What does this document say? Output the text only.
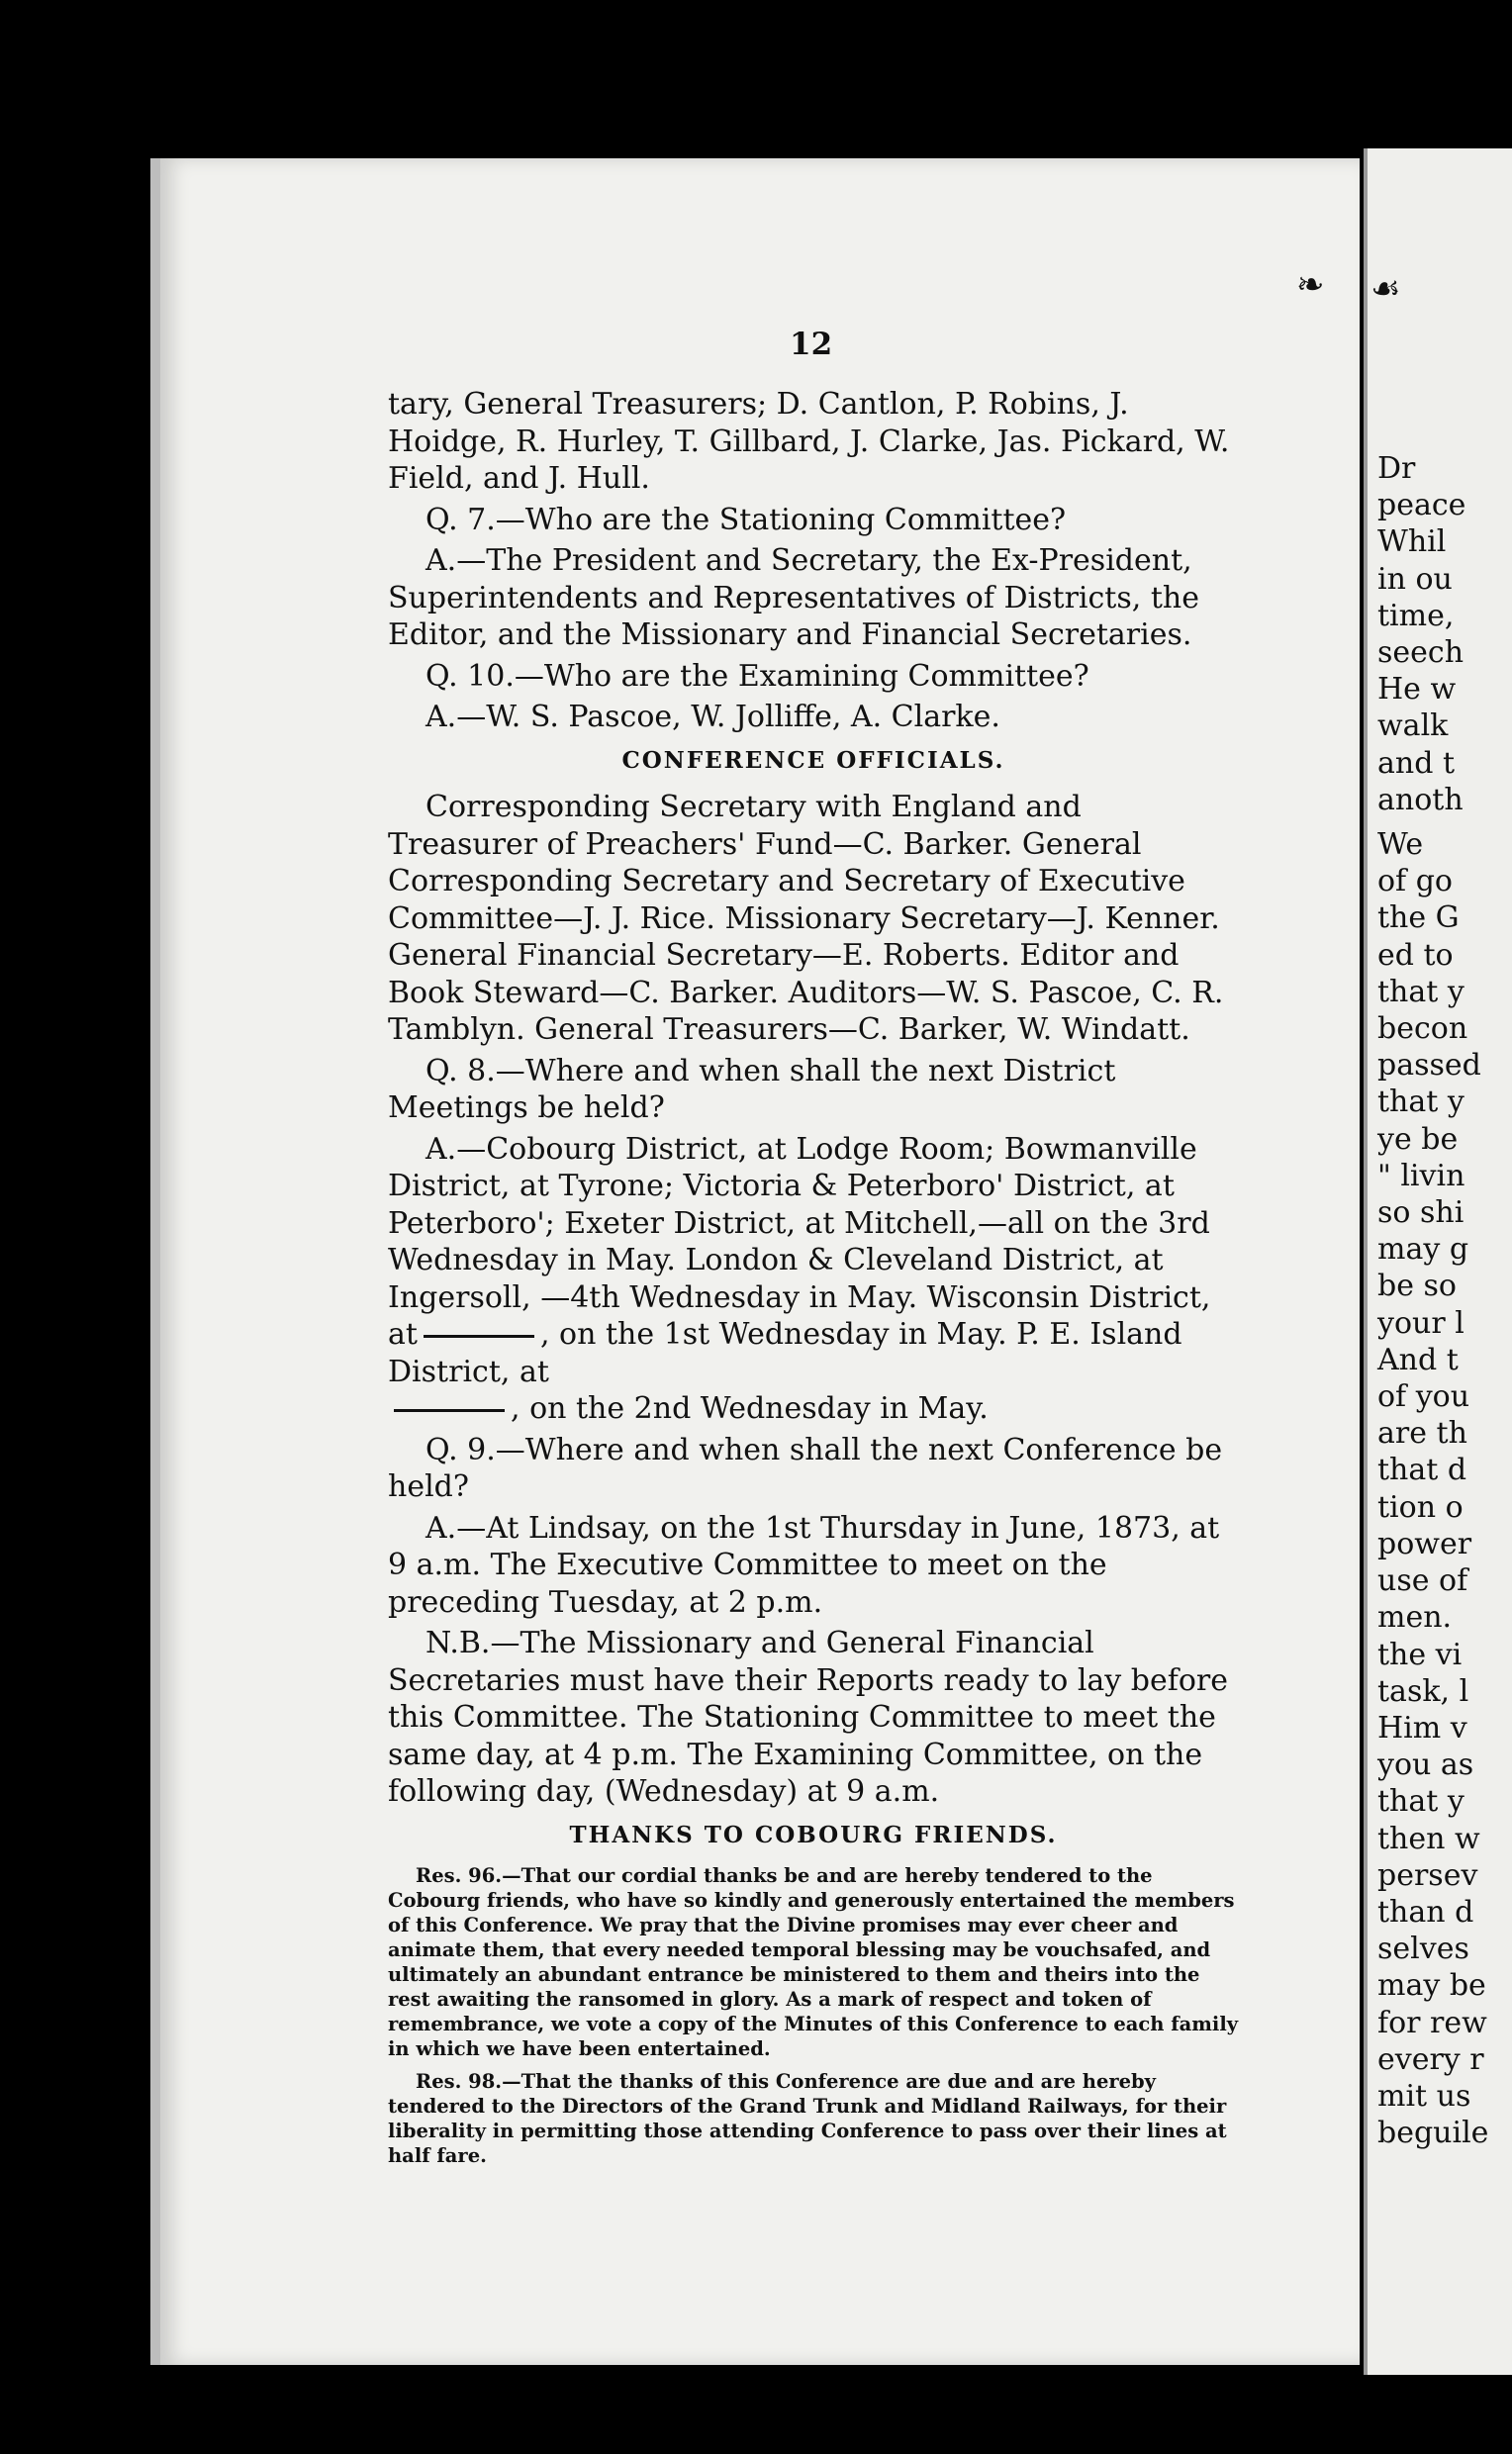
Dr
peace
Whil
in ou
time,
seech
He w
walk
and t
anoth
We
of go
the G
ed to
that y
becon
passed
that y
ye be
" livin
so shi
may g
be so
your l
And t
of you
are th
that d
tion o
power
use of
men.
the vi
task, l
Him v
you as
that y
then w
persev
than d
selves
may be
for rew
every r
mit us
beguile
❧ ☙
12

tary, General Treasurers; D. Cantlon, P. Robins, J. Hoidge, R. Hurley, T. Gillbard, J. Clarke, Jas. Pickard, W. Field, and J. Hull.

Q. 7.—Who are the Stationing Committee?

A.—The President and Secretary, the Ex-President, Superintendents and Representatives of Districts, the Editor, and the Missionary and Financial Secretaries.

Q. 10.—Who are the Examining Committee?

A.—W. S. Pascoe, W. Jolliffe, A. Clarke.

CONFERENCE OFFICIALS.

Corresponding Secretary with England and Treasurer of Preachers' Fund—C. Barker. General Corresponding Secretary and Secretary of Executive Committee—J. J. Rice. Missionary Secretary—J. Kenner. General Financial Secretary—E. Roberts. Editor and Book Steward—C. Barker. Auditors—W. S. Pascoe, C. R. Tamblyn. General Treasurers—C. Barker, W. Windatt.

Q. 8.—Where and when shall the next District Meetings be held?

A.—Cobourg District, at Lodge Room; Bowmanville District, at Tyrone; Victoria & Peterboro' District, at Peterboro'; Exeter District, at Mitchell,—all on the 3rd Wednesday in May. London & Cleveland District, at Ingersoll, —4th Wednesday in May. Wisconsin District, at	, on the 1st Wednesday in May. P. E. Island District, at
, on the 2nd Wednesday in May.

Q. 9.—Where and when shall the next Conference be held?

A.—At Lindsay, on the 1st Thursday in June, 1873, at 9 a.m. The Executive Committee to meet on the preceding Tuesday, at 2 p.m.

N.B.—The Missionary and General Financial Secretaries must have their Reports ready to lay before this Committee. The Stationing Committee to meet the same day, at 4 p.m. The Examining Committee, on the following day, (Wednesday) at 9 a.m.

THANKS TO COBOURG FRIENDS.

Res. 96.—That our cordial thanks be and are hereby tendered to the Cobourg friends, who have so kindly and generously entertained the members of this Conference. We pray that the Divine promises may ever cheer and animate them, that every needed temporal blessing may be vouchsafed, and ultimately an abundant entrance be ministered to them and theirs into the rest awaiting the ransomed in glory. As a mark of respect and token of remembrance, we vote a copy of the Minutes of this Conference to each family in which we have been entertained.

Res. 98.—That the thanks of this Conference are due and are hereby tendered to the Directors of the Grand Trunk and Midland Railways, for their liberality in permitting those attending Conference to pass over their lines at half fare.
